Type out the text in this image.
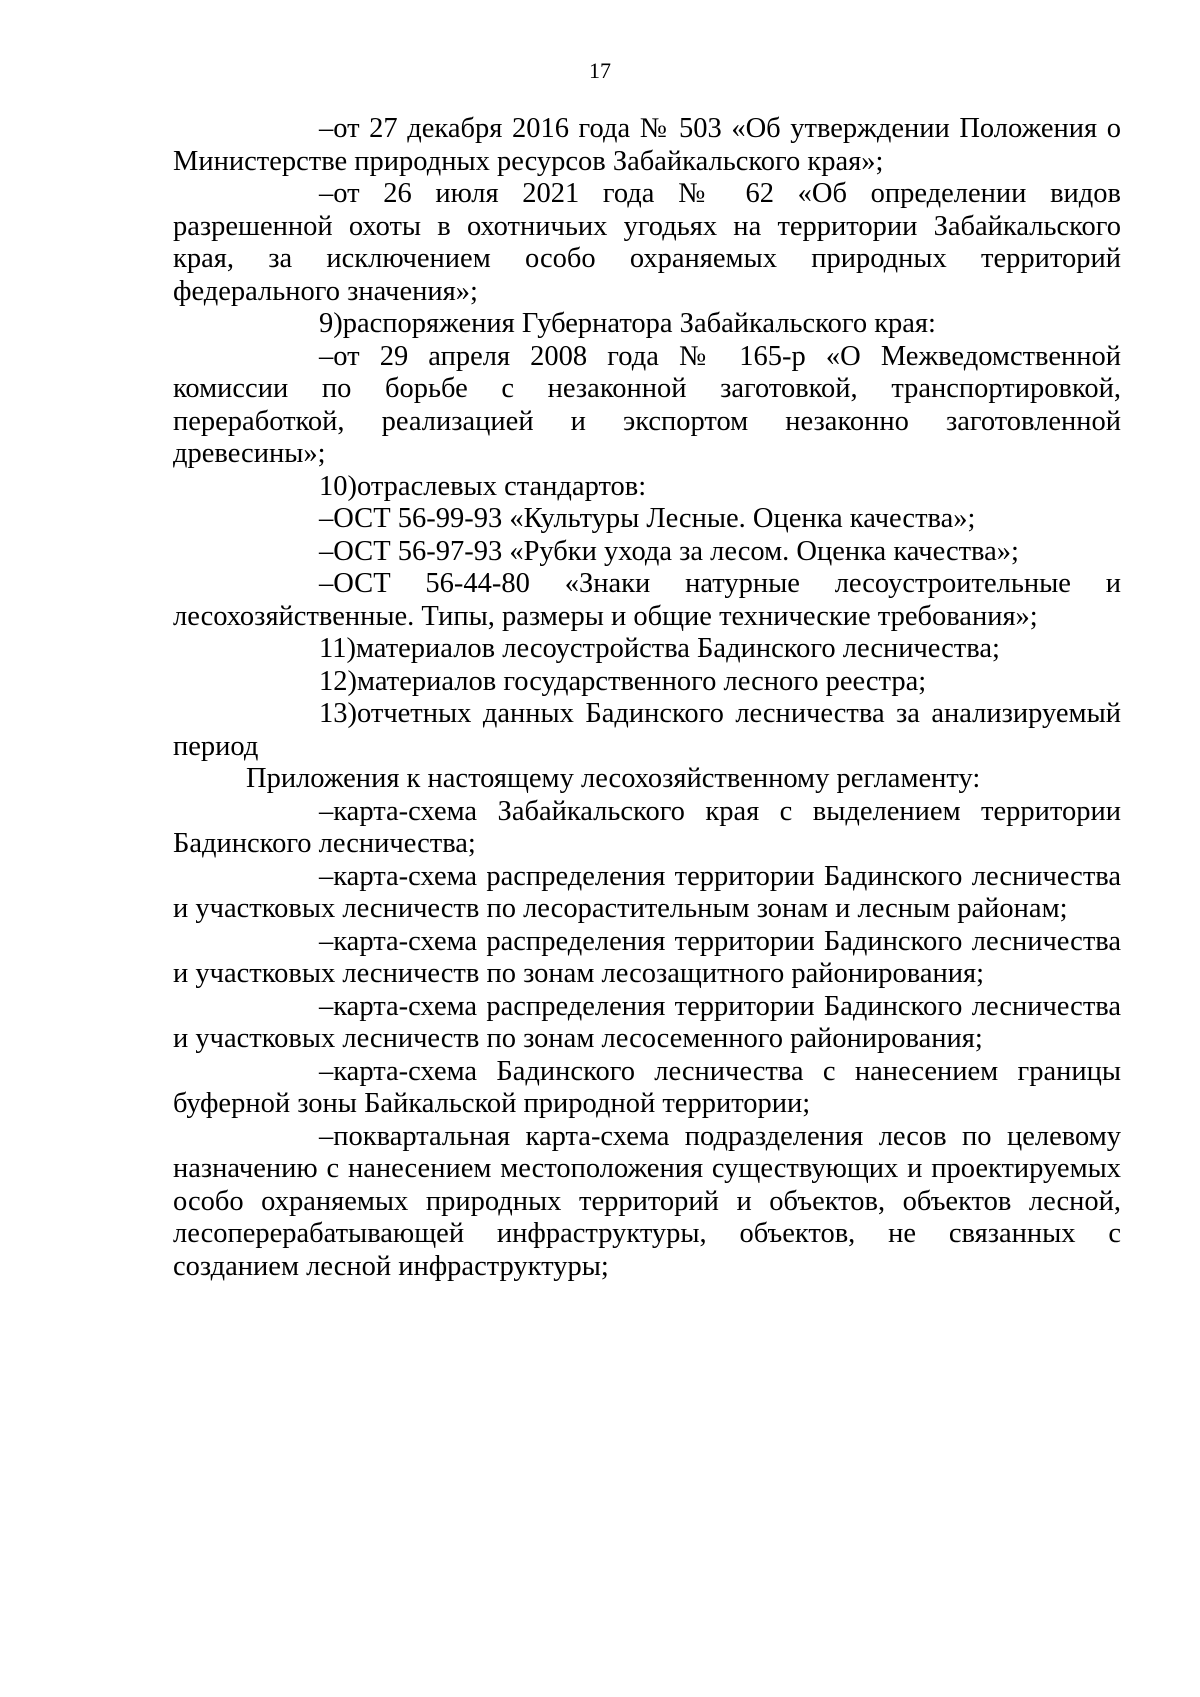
17

–от 27 декабря 2016 года № 503 «Об утверждении Положения о Министерстве природных ресурсов Забайкальского края»;

–от 26 июля 2021 года № 62 «Об определении видов разрешенной охоты в охотничьих угодьях на территории Забайкальского края, за исключением особо охраняемых природных территорий федерального значения»;

9)распоряжения Губернатора Забайкальского края:

–от 29 апреля 2008 года № 165-р «О Межведомственной комиссии по борьбе с незаконной заготовкой, транспортировкой, переработкой, реализацией и экспортом незаконно заготовленной древесины»;

10)отраслевых стандартов:

–ОСТ 56-99-93 «Культуры Лесные. Оценка качества»;

–ОСТ 56-97-93 «Рубки ухода за лесом. Оценка качества»;

–ОСТ 56-44-80 «Знаки натурные лесоустроительные и лесохозяйственные. Типы, размеры и общие технические требования»;

11)материалов лесоустройства Бадинского лесничества;

12)материалов государственного лесного реестра;

13)отчетных данных Бадинского лесничества за анализируемый период

Приложения к настоящему лесохозяйственному регламенту:

–карта-схема Забайкальского края с выделением территории Бадинского лесничества;

–карта-схема распределения территории Бадинского лесничества и участковых лесничеств по лесорастительным зонам и лесным районам;

–карта-схема распределения территории Бадинского лесничества и участковых лесничеств по зонам лесозащитного районирования;

–карта-схема распределения территории Бадинского лесничества и участковых лесничеств по зонам лесосеменного районирования;

–карта-схема Бадинского лесничества с нанесением границы буферной зоны Байкальской природной территории;

–поквартальная карта-схема подразделения лесов по целевому назначению с нанесением местоположения существующих и проектируемых особо охраняемых природных территорий и объектов, объектов лесной, лесоперерабатывающей инфраструктуры, объектов, не связанных с созданием лесной инфраструктуры;
